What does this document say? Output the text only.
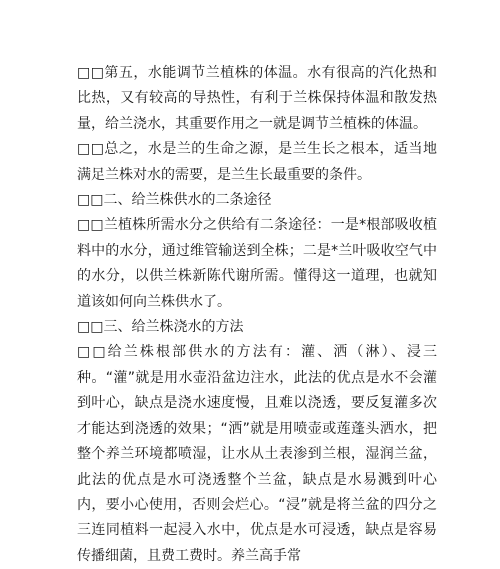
□□第五，水能调节兰植株的体温。水有很高的汽化热和比热，又有较高的导热性，有利于兰株保持体温和散发热量，给兰浇水，其重要作用之一就是调节兰植株的体温。

□□总之，水是兰的生命之源，是兰生长之根本，适当地满足兰株对水的需要，是兰生长最重要的条件。

□□二、给兰株供水的二条途径

□□兰植株所需水分之供给有二条途径：一是*根部吸收植料中的水分，通过维管输送到全株；二是*兰叶吸收空气中的水分，以供兰株新陈代谢所需。懂得这一道理，也就知道该如何向兰株供水了。

□□三、给兰株浇水的方法

□□给兰株根部供水的方法有：灌、洒（淋）、浸三种。“灌”就是用水壶沿盆边注水，此法的优点是水不会灌到叶心，缺点是浇水速度慢，且难以浇透，要反复灌多次才能达到浇透的效果；“洒”就是用喷壶或莲蓬头洒水，把整个养兰环境都喷湿，让水从土表渗到兰根，湿润兰盆，此法的优点是水可浇透整个兰盆，缺点是水易溅到叶心内，要小心使用，否则会烂心。“浸”就是将兰盆的四分之三连同植料一起浸入水中，优点是水可浸透，缺点是容易传播细菌，且费工费时。养兰高手常
